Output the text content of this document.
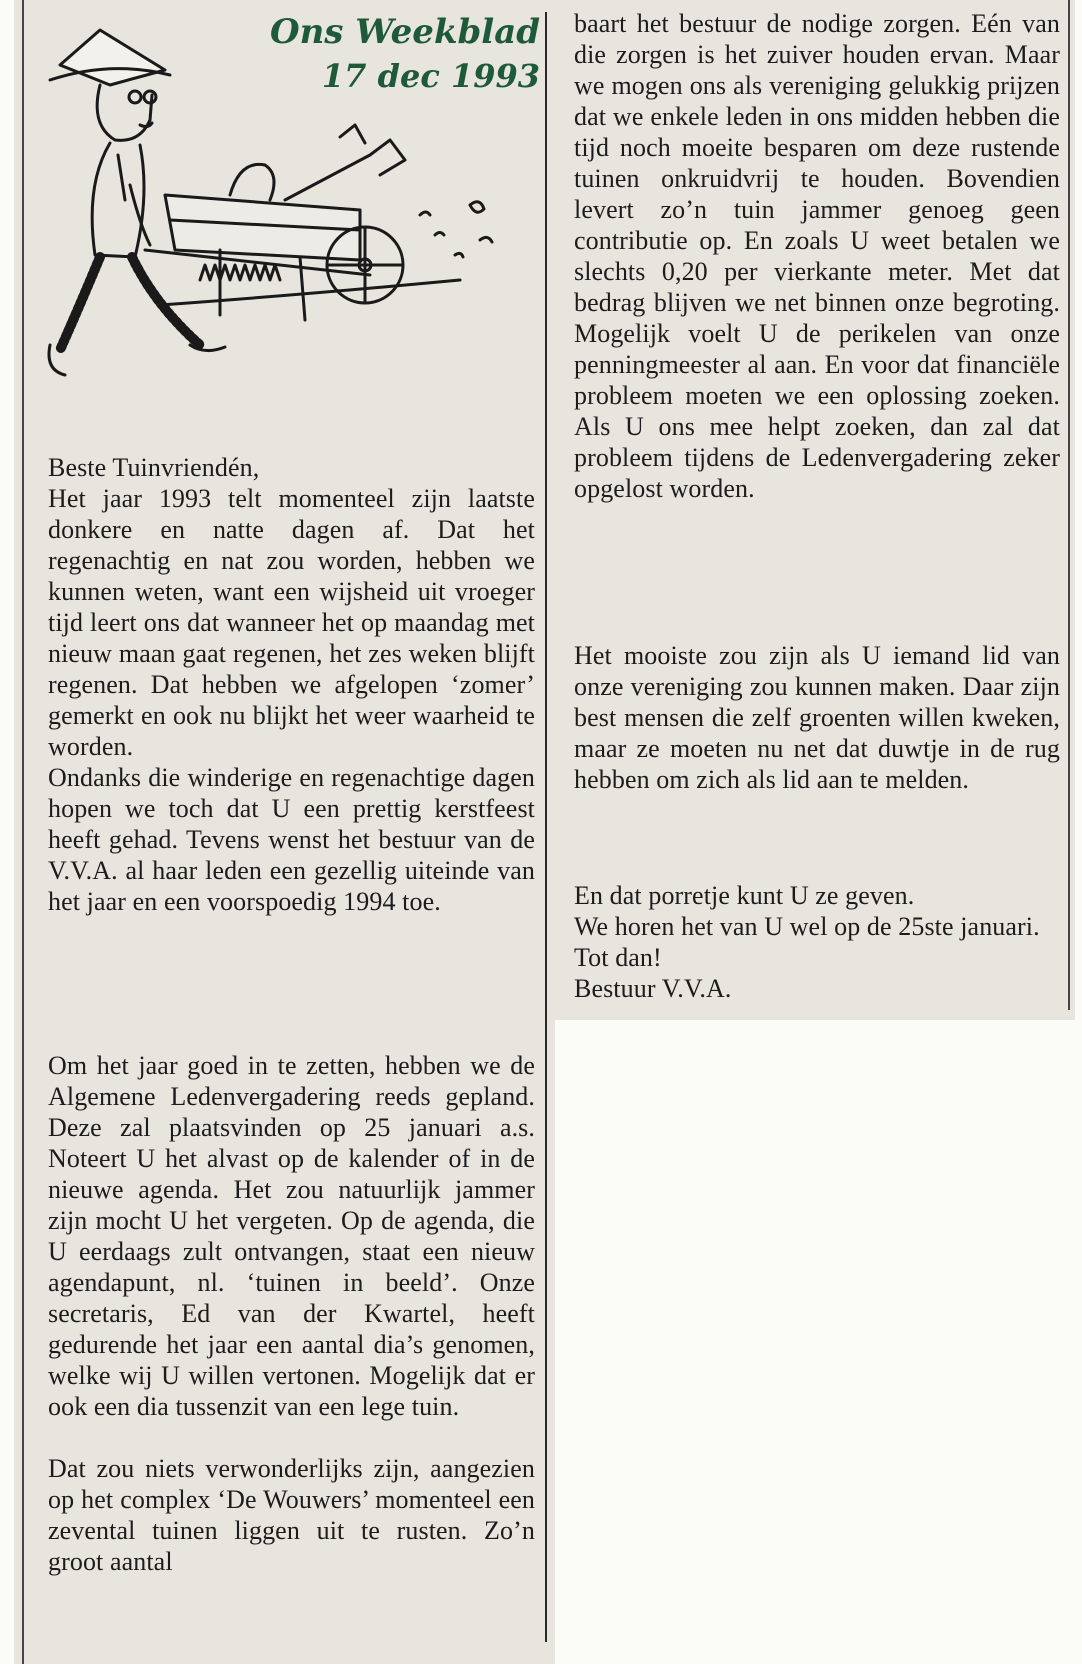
Ons Weekblad
17 dec 1993
Beste Tuinvriendén,
Het jaar 1993 telt momenteel zijn laatste donkere en natte dagen af. Dat het regenachtig en nat zou worden, hebben we kunnen weten, want een wijsheid uit vroeger tijd leert ons dat wanneer het op maandag met nieuw maan gaat regenen, het zes weken blijft regenen. Dat hebben we afgelopen ‘zomer’ gemerkt en ook nu blijkt het weer waarheid te worden.
Ondanks die winderige en regenachtige dagen hopen we toch dat U een prettig kerstfeest heeft gehad. Tevens wenst het bestuur van de V.V.A. al haar leden een gezellig uiteinde van het jaar en een voorspoedig 1994 toe.
Om het jaar goed in te zetten, hebben we de Algemene Ledenvergadering reeds gepland. Deze zal plaatsvinden op 25 januari a.s. Noteert U het alvast op de kalender of in de nieuwe agenda. Het zou natuurlijk jammer zijn mocht U het vergeten. Op de agenda, die U eerdaags zult ontvangen, staat een nieuw agendapunt, nl. ‘tuinen in beeld’. Onze secretaris, Ed van der Kwartel, heeft gedurende het jaar een aantal dia’s genomen, welke wij U willen vertonen. Mogelijk dat er ook een dia tussenzit van een lege tuin.

Dat zou niets verwonderlijks zijn, aangezien op het complex ‘De Wouwers’ momenteel een zevental tuinen liggen uit te rusten. Zo’n groot aantal
baart het bestuur de nodige zorgen. Eén van die zorgen is het zuiver houden ervan. Maar we mogen ons als vereniging gelukkig prijzen dat we enkele leden in ons midden hebben die tijd noch moeite besparen om deze rustende tuinen onkruidvrij te houden. Bovendien levert zo’n tuin jammer genoeg geen contributie op. En zoals U weet betalen we slechts 0,20 per vierkante meter. Met dat bedrag blijven we net binnen onze begroting. Mogelijk voelt U de perikelen van onze penningmeester al aan. En voor dat financiële probleem moeten we een oplossing zoeken. Als U ons mee helpt zoeken, dan zal dat probleem tijdens de Ledenvergadering zeker opgelost worden.
Het mooiste zou zijn als U iemand lid van onze vereniging zou kunnen maken. Daar zijn best mensen die zelf groenten willen kweken, maar ze moeten nu net dat duwtje in de rug hebben om zich als lid aan te melden.
En dat porretje kunt U ze geven.
We horen het van U wel op de 25ste januari. Tot dan!
Bestuur V.V.A.
